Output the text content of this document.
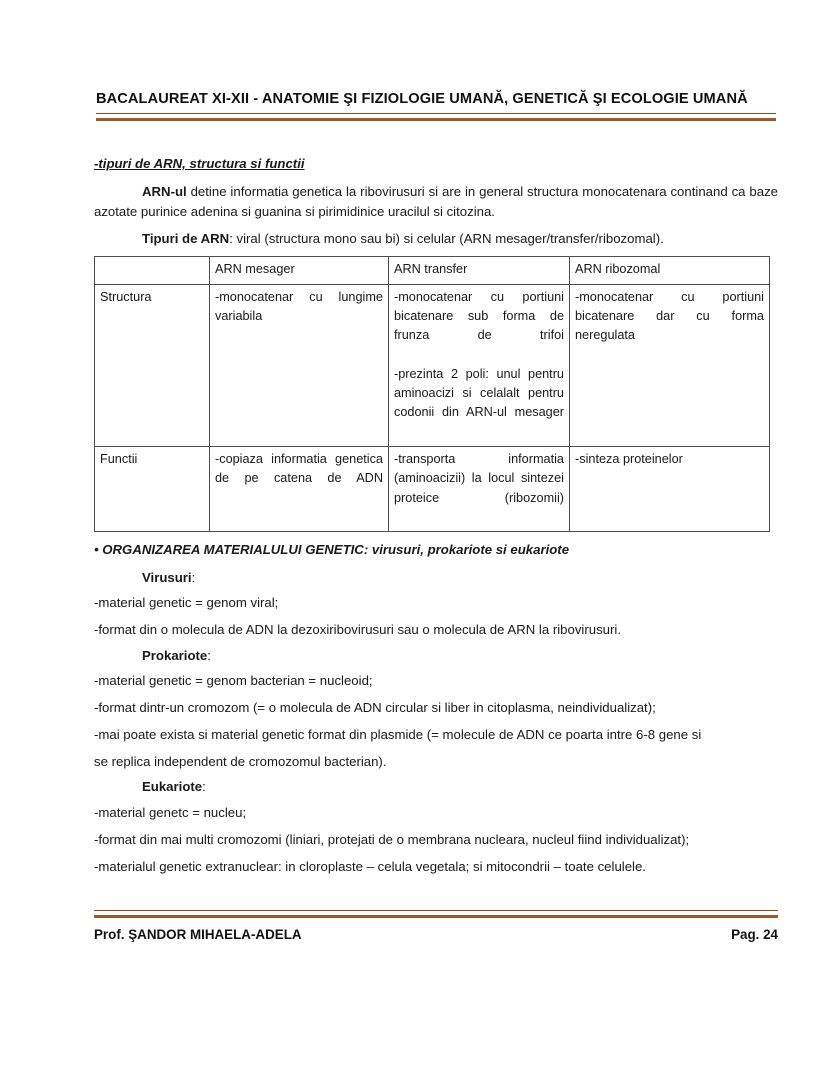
BACALAUREAT XI-XII - ANATOMIE ŞI FIZIOLOGIE UMANĂ, GENETICĂ ŞI ECOLOGIE UMANĂ
-tipuri de ARN, structura si functii

ARN-ul detine informatia genetica la ribovirusuri si are in general structura monocatenara continand ca baze azotate purinice adenina si guanina si pirimidinice uracilul si citozina.

Tipuri de ARN: viral (structura mono sau bi) si celular (ARN mesager/transfer/ribozomal).

	ARN mesager	ARN transfer	ARN ribozomal
Structura	-monocatenar cu lungime variabila	-monocatenar cu portiuni bicatenare sub forma de frunza de trifoi -prezinta 2 poli: unul pentru aminoacizi si celalalt pentru codonii din ARN-ul mesager	-monocatenar cu portiuni bicatenare dar cu forma neregulata
Functii	-copiaza informatia genetica de pe catena de ADN	-transporta informatia (aminoacizii) la locul sintezei proteice (ribozomii)	-sinteza proteinelor
• ORGANIZAREA MATERIALULUI GENETIC: virusuri, prokariote si eukariote

Virusuri:

-material genetic = genom viral;

-format din o molecula de ADN la dezoxiribovirusuri sau o molecula de ARN la ribovirusuri.

Prokariote:

-material genetic = genom bacterian = nucleoid;

-format dintr-un cromozom (= o molecula de ADN circular si liber in citoplasma, neindividualizat);

-mai poate exista si material genetic format din plasmide (= molecule de ADN ce poarta intre 6-8 gene si

se replica independent de cromozomul bacterian).

Eukariote:

-material genetc = nucleu;

-format din mai multi cromozomi (liniari, protejati de o membrana nucleara, nucleul fiind individualizat);

-materialul genetic extranuclear: in cloroplaste – celula vegetala; si mitocondrii – toate celulele.

Prof. ŞANDOR MIHAELA-ADELA	Pag. 24
